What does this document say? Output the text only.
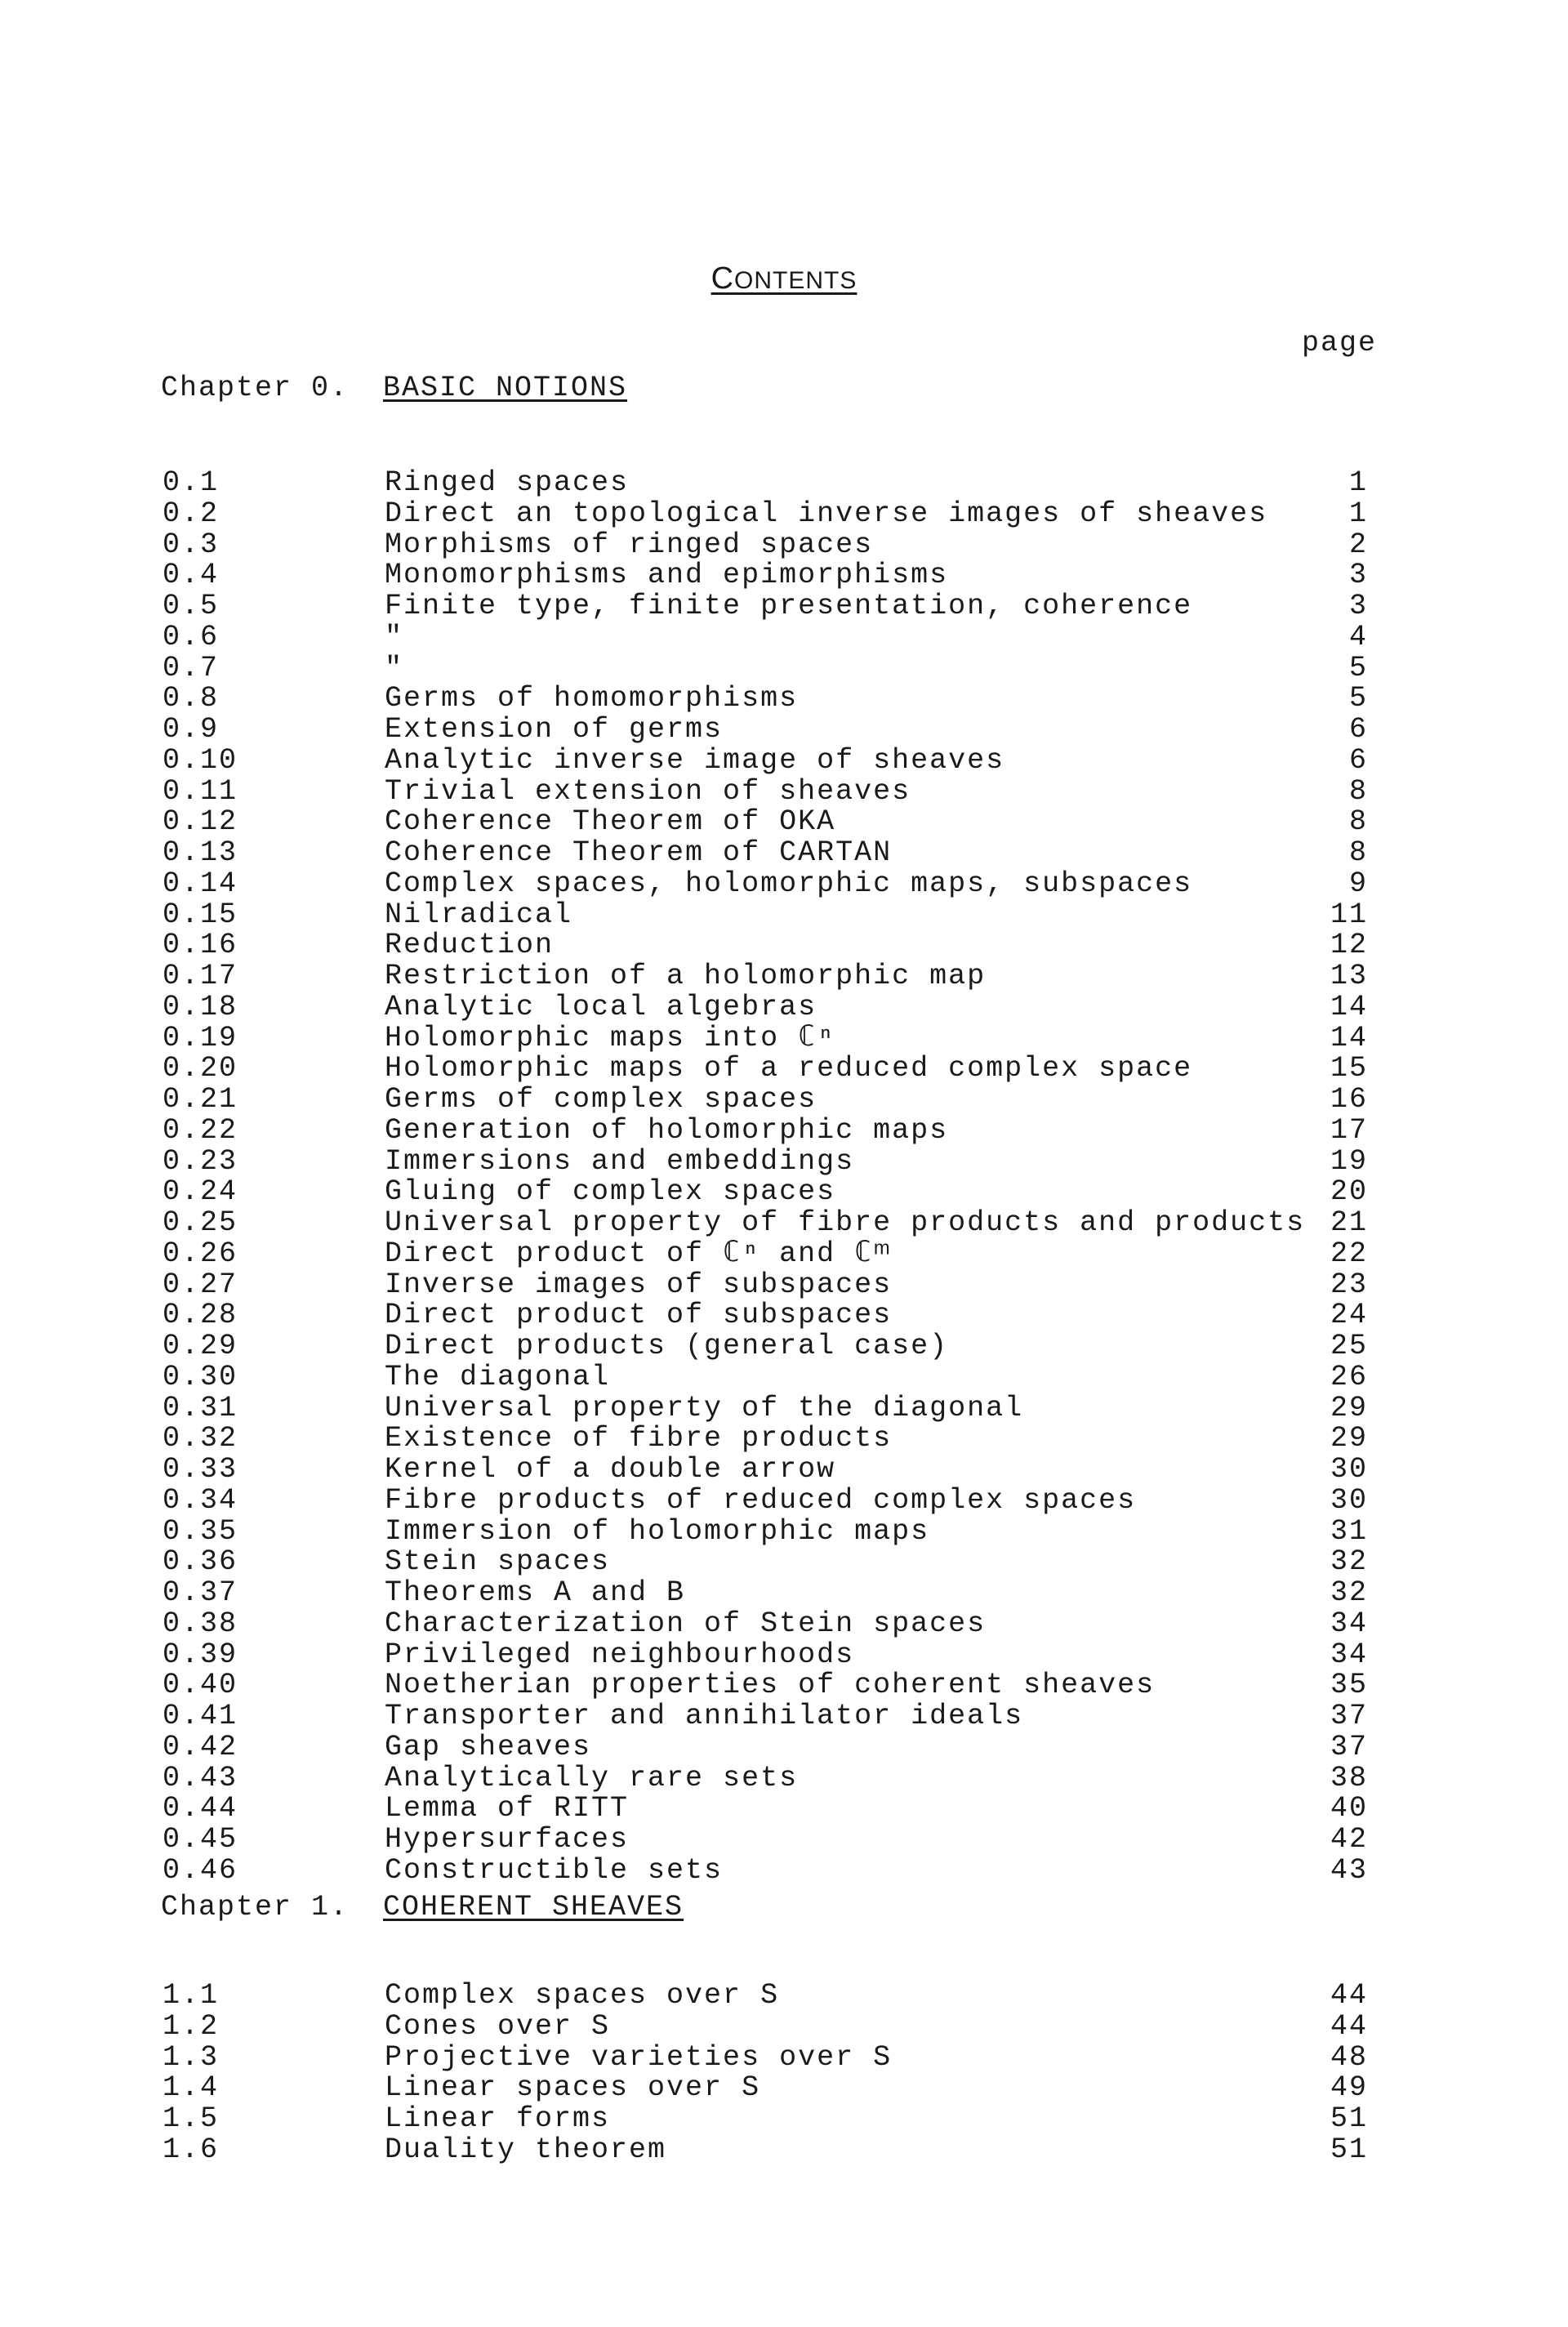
CONTENTS
page
Chapter 0. BASIC NOTIONS
0.1	Ringed spaces	1
0.2	Direct an topological inverse images of sheaves	1
0.3	Morphisms of ringed spaces	2
0.4	Monomorphisms and epimorphisms	3
0.5	Finite type, finite presentation, coherence	3
0.6	"	4
0.7	"	5
0.8	Germs of homomorphisms	5
0.9	Extension of germs	6
0.10	Analytic inverse image of sheaves	6
0.11	Trivial extension of sheaves	8
0.12	Coherence Theorem of OKA	8
0.13	Coherence Theorem of CARTAN	8
0.14	Complex spaces, holomorphic maps, subspaces	9
0.15	Nilradical	11
0.16	Reduction	12
0.17	Restriction of a holomorphic map	13
0.18	Analytic local algebras	14
0.19	Holomorphic maps into ℂⁿ	14
0.20	Holomorphic maps of a reduced complex space	15
0.21	Germs of complex spaces	16
0.22	Generation of holomorphic maps	17
0.23	Immersions and embeddings	19
0.24	Gluing of complex spaces	20
0.25	Universal property of fibre products and products 21
0.26	Direct product of ℂⁿ and ℂᵐ	22
0.27	Inverse images of subspaces	23
0.28	Direct product of subspaces	24
0.29	Direct products (general case)	25
0.30	The diagonal	26
0.31	Universal property of the diagonal	29
0.32	Existence of fibre products	29
0.33	Kernel of a double arrow	30
0.34	Fibre products of reduced complex spaces	30
0.35	Immersion of holomorphic maps	31
0.36	Stein spaces	32
0.37	Theorems A and B	32
0.38	Characterization of Stein spaces	34
0.39	Privileged neighbourhoods	34
0.40	Noetherian properties of coherent sheaves	35
0.41	Transporter and annihilator ideals	37
0.42	Gap sheaves	37
0.43	Analytically rare sets	38
0.44	Lemma of RITT	40
0.45	Hypersurfaces	42
0.46	Constructible sets	43
Chapter 1. COHERENT SHEAVES
1.1	Complex spaces over S	44
1.2	Cones over S	44
1.3	Projective varieties over S	48
1.4	Linear spaces over S	49
1.5	Linear forms	51
1.6	Duality theorem	51
